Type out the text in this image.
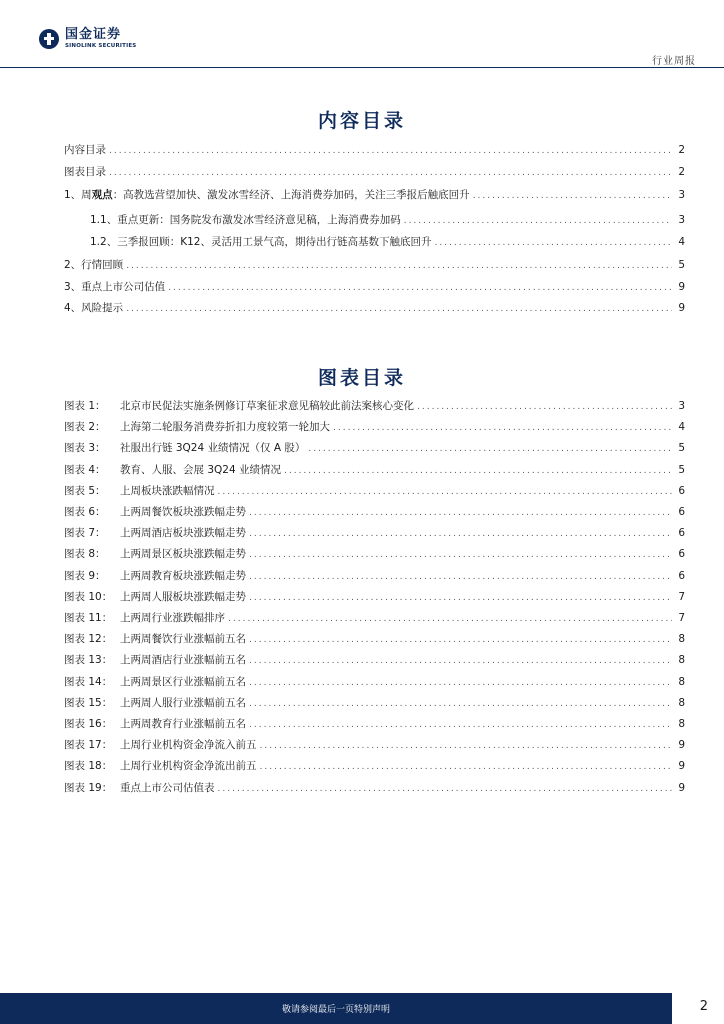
国金证券
SINOLINK SECURITIES
行业周报
内容目录
内容目录 .....	2
图表目录 .....	2
1、周观点：高教选营望加快、激发冰雪经济、上海消费券加码，关注三季报后触底回升 .....	3
1.1、重点更新：国务院发布激发冰雪经济意见稿，上海消费券加码 .....	3
1.2、三季报回顾：K12、灵活用工景气高，期待出行链高基数下触底回升 .....	4
2、行情回顾 .....	5
3、重点上市公司估值 .....	9
4、风险提示 .....	9
图表目录
图表 1：	北京市民促法实施条例修订草案征求意见稿较此前法案核心变化 .....	3
图表 2：	上海第二轮服务消费券折扣力度较第一轮加大 .....	4
图表 3：	社服出行链 3Q24 业绩情况（仅 A 股） .....	5
图表 4：	教育、人服、会展 3Q24 业绩情况 .....	5
图表 5：	上周板块涨跌幅情况 .....	6
图表 6：	上两周餐饮板块涨跌幅走势 .....	6
图表 7：	上两周酒店板块涨跌幅走势 .....	6
图表 8：	上两周景区板块涨跌幅走势 .....	6
图表 9：	上两周教育板块涨跌幅走势 .....	6
图表 10： 上两周人服板块涨跌幅走势 .....	7
图表 11： 上两周行业涨跌幅排序 .....	7
图表 12： 上两周餐饮行业涨幅前五名 .....	8
图表 13： 上两周酒店行业涨幅前五名 .....	8
图表 14： 上两周景区行业涨幅前五名 .....	8
图表 15： 上两周人服行业涨幅前五名 .....	8
图表 16： 上两周教育行业涨幅前五名 .....	8
图表 17： 上周行业机构资金净流入前五 .....	9
图表 18： 上周行业机构资金净流出前五 .....	9
图表 19： 重点上市公司估值表 .....	9
敬请参阅最后一页特别声明	2
